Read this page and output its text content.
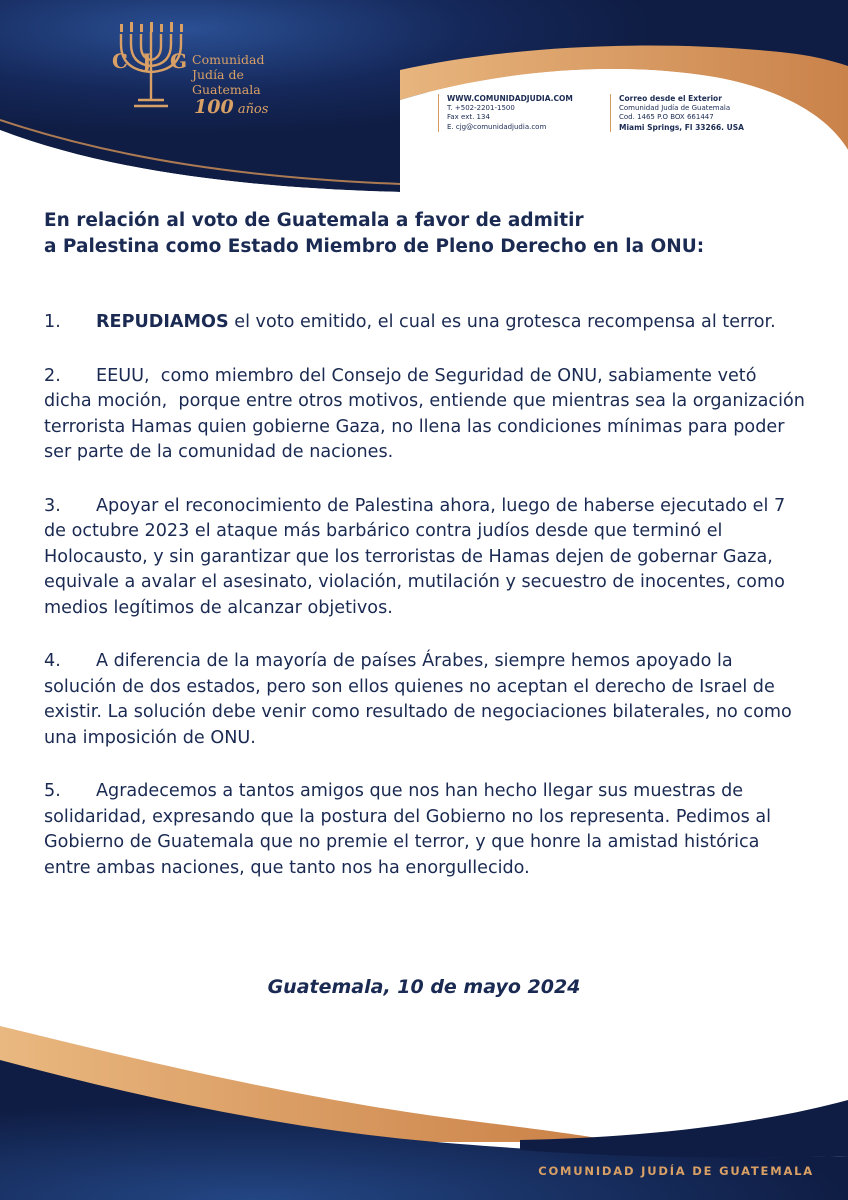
C J G Comunidad
Judía de
Guatemala
100 años
WWW.COMUNIDADJUDIA.COM
T. +502-2201-1500
Fax ext. 134
E. cjg@comunidadjudia.com
Correo desde el Exterior
Comunidad Judía de Guatemala
Cod. 1465 P.O BOX 661447
Miami Springs, Fl 33266. USA
En relación al voto de Guatemala a favor de admitir
a Palestina como Estado Miembro de Pleno Derecho en la ONU:

1. REPUDIAMOS el voto emitido, el cual es una grotesca recompensa al terror.

2. EEUU,  como miembro del Consejo de Seguridad de ONU, sabiamente vetó dicha moción,  porque entre otros motivos, entiende que mientras sea la organización terrorista Hamas quien gobierne Gaza, no llena las condiciones mínimas para poder ser parte de la comunidad de naciones.

3. Apoyar el reconocimiento de Palestina ahora, luego de haberse ejecutado el 7 de octubre 2023 el ataque más barbárico contra judíos desde que terminó el Holocausto, y sin garantizar que los terroristas de Hamas dejen de gobernar Gaza, equivale a avalar el asesinato, violación, mutilación y secuestro de inocentes, como medios legítimos de alcanzar objetivos.

4. A diferencia de la mayoría de países Árabes, siempre hemos apoyado la solución de dos estados, pero son ellos quienes no aceptan el derecho de Israel de existir. La solución debe venir como resultado de negociaciones bilaterales, no como una imposición de ONU.

5. Agradecemos a tantos amigos que nos han hecho llegar sus muestras de solidaridad, expresando que la postura del Gobierno no los representa. Pedimos al Gobierno de Guatemala que no premie el terror, y que honre la amistad histórica entre ambas naciones, que tanto nos ha enorgullecido.

Guatemala, 10 de mayo 2024
COMUNIDAD JUDÍA DE GUATEMALA
